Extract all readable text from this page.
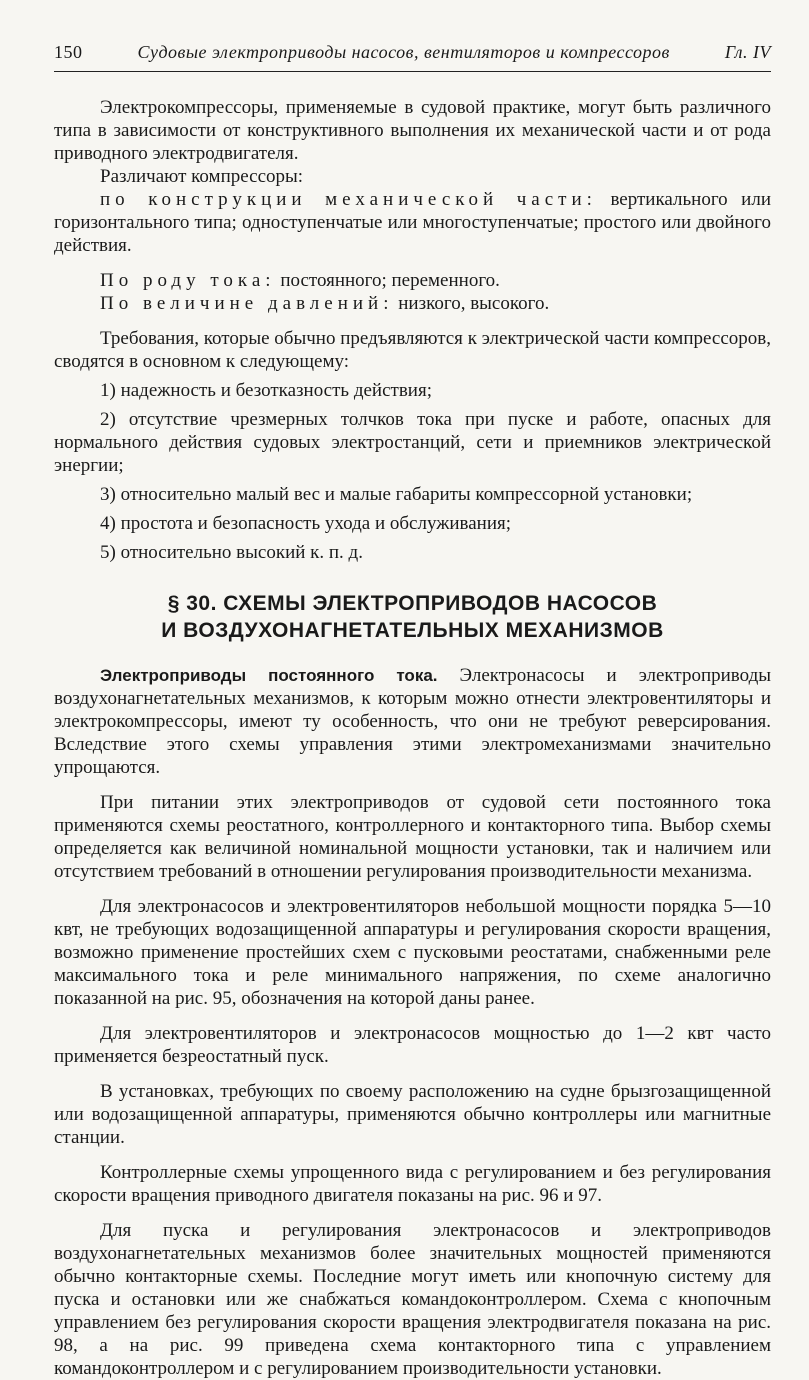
150	Судовые электроприводы насосов, вентиляторов и компрессоров	Гл. IV

Электрокомпрессоры, применяемые в судовой практике, могут быть различного типа в зависимости от конструктивного выполнения их механической части и от рода приводного электродвигателя.

Различают компрессоры:

по конструкции механической части: вертикального или горизонтального типа; одноступенчатые или многоступенчатые; простого или двойного действия.

По роду тока: постоянного; переменного.

По величине давлений: низкого, высокого.

Требования, которые обычно предъявляются к электрической части компрессоров, сводятся в основном к следующему:

1) надежность и безотказность действия;

2) отсутствие чрезмерных толчков тока при пуске и работе, опасных для нормального действия судовых электростанций, сети и приемников электрической энергии;

3) относительно малый вес и малые габариты компрессорной установки;

4) простота и безопасность ухода и обслуживания;

5) относительно высокий к. п. д.

§ 30. СХЕМЫ ЭЛЕКТРОПРИВОДОВ НАСОСОВ
И ВОЗДУХОНАГНЕТАТЕЛЬНЫХ МЕХАНИЗМОВ

Электроприводы постоянного тока. Электронасосы и электроприводы воздухонагнетательных механизмов, к которым можно отнести электровентиляторы и электрокомпрессоры, имеют ту особенность, что они не требуют реверсирования. Вследствие этого схемы управления этими электромеханизмами значительно упрощаются.

При питании этих электроприводов от судовой сети постоянного тока применяются схемы реостатного, контроллерного и контакторного типа. Выбор схемы определяется как величиной номинальной мощности установки, так и наличием или отсутствием требований в отношении регулирования производительности механизма.

Для электронасосов и электровентиляторов небольшой мощности порядка 5—10 квт, не требующих водозащищенной аппаратуры и регулирования скорости вращения, возможно применение простейших схем с пусковыми реостатами, снабженными реле максимального тока и реле минимального напряжения, по схеме аналогично показанной на рис. 95, обозначения на которой даны ранее.

Для электровентиляторов и электронасосов мощностью до 1—2 квт часто применяется безреостатный пуск.

В установках, требующих по своему расположению на судне брызгозащищенной или водозащищенной аппаратуры, применяются обычно контроллеры или магнитные станции.

Контроллерные схемы упрощенного вида с регулированием и без регулирования скорости вращения приводного двигателя показаны на рис. 96 и 97.

Для пуска и регулирования электронасосов и электроприводов воздухонагнетательных механизмов более значительных мощностей применяются обычно контакторные схемы. Последние могут иметь или кнопочную систему для пуска и остановки или же снабжаться командоконтроллером. Схема с кнопочным управлением без регулирования скорости вращения электродвигателя показана на рис. 98, а на рис. 99 приведена схема контакторного типа с управлением командоконтроллером и с регулированием производительности установки.
